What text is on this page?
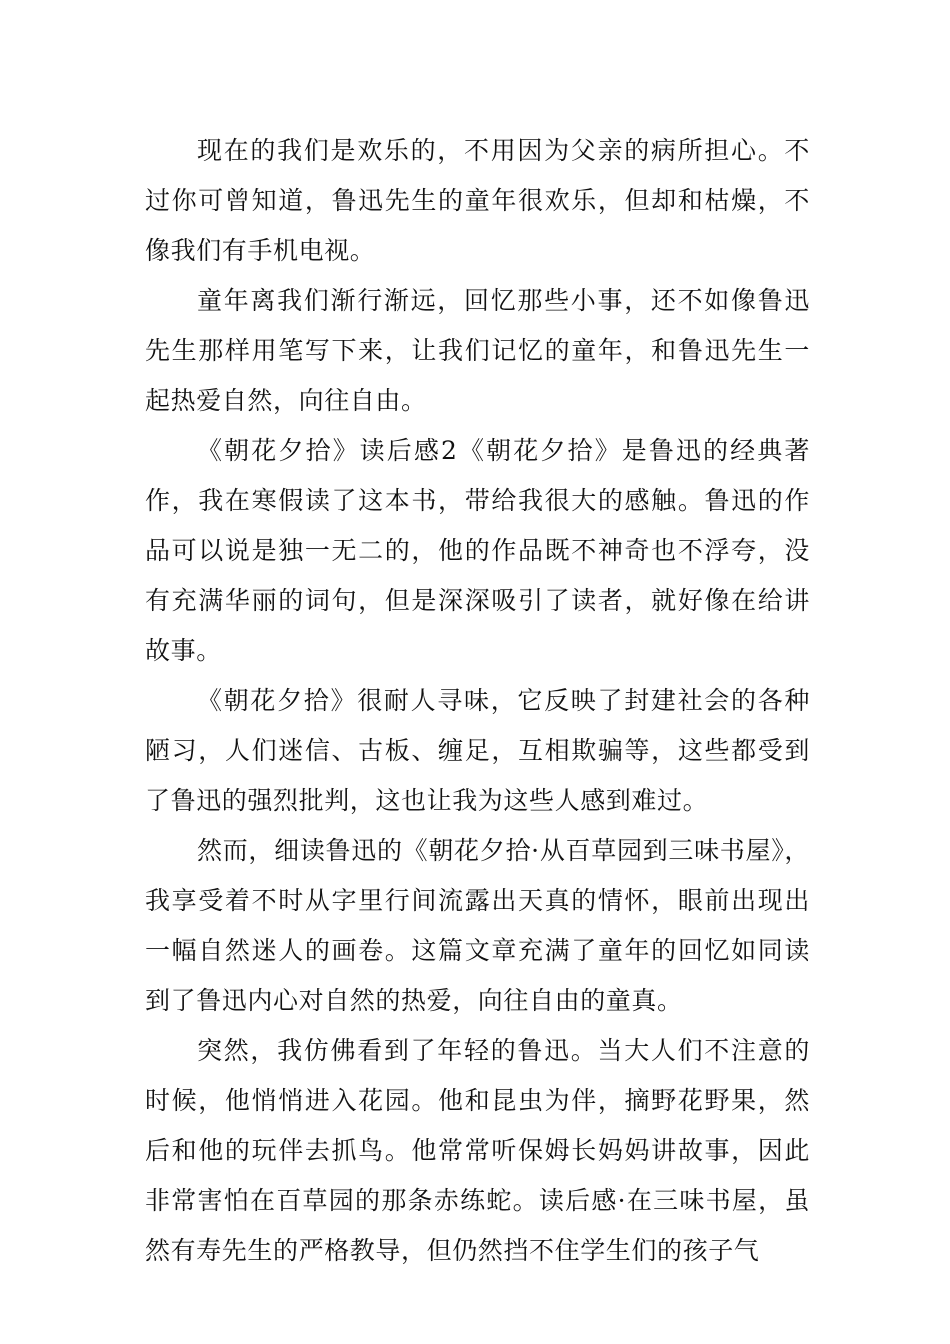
现在的我们是欢乐的，不用因为父亲的病所担心。不过你可曾知道，鲁迅先生的童年很欢乐，但却和枯燥，不像我们有手机电视。

童年离我们渐行渐远，回忆那些小事，还不如像鲁迅先生那样用笔写下来，让我们记忆的童年，和鲁迅先生一起热爱自然，向往自由。

《朝花夕拾》读后感2《朝花夕拾》是鲁迅的经典著作，我在寒假读了这本书，带给我很大的感触。鲁迅的作品可以说是独一无二的，他的作品既不神奇也不浮夸，没有充满华丽的词句，但是深深吸引了读者，就好像在给讲故事。

《朝花夕拾》很耐人寻味，它反映了封建社会的各种陋习，人们迷信、古板、缠足，互相欺骗等，这些都受到了鲁迅的强烈批判，这也让我为这些人感到难过。

然而，细读鲁迅的《朝花夕拾·从百草园到三味书屋》，我享受着不时从字里行间流露出天真的情怀，眼前出现出一幅自然迷人的画卷。这篇文章充满了童年的回忆如同读到了鲁迅内心对自然的热爱，向往自由的童真。

突然，我仿佛看到了年轻的鲁迅。当大人们不注意的时候，他悄悄进入花园。他和昆虫为伴，摘野花野果，然后和他的玩伴去抓鸟。他常常听保姆长妈妈讲故事，因此非常害怕在百草园的那条赤练蛇。读后感·在三味书屋，虽然有寿先生的严格教导，但仍然挡不住学生们的孩子气
